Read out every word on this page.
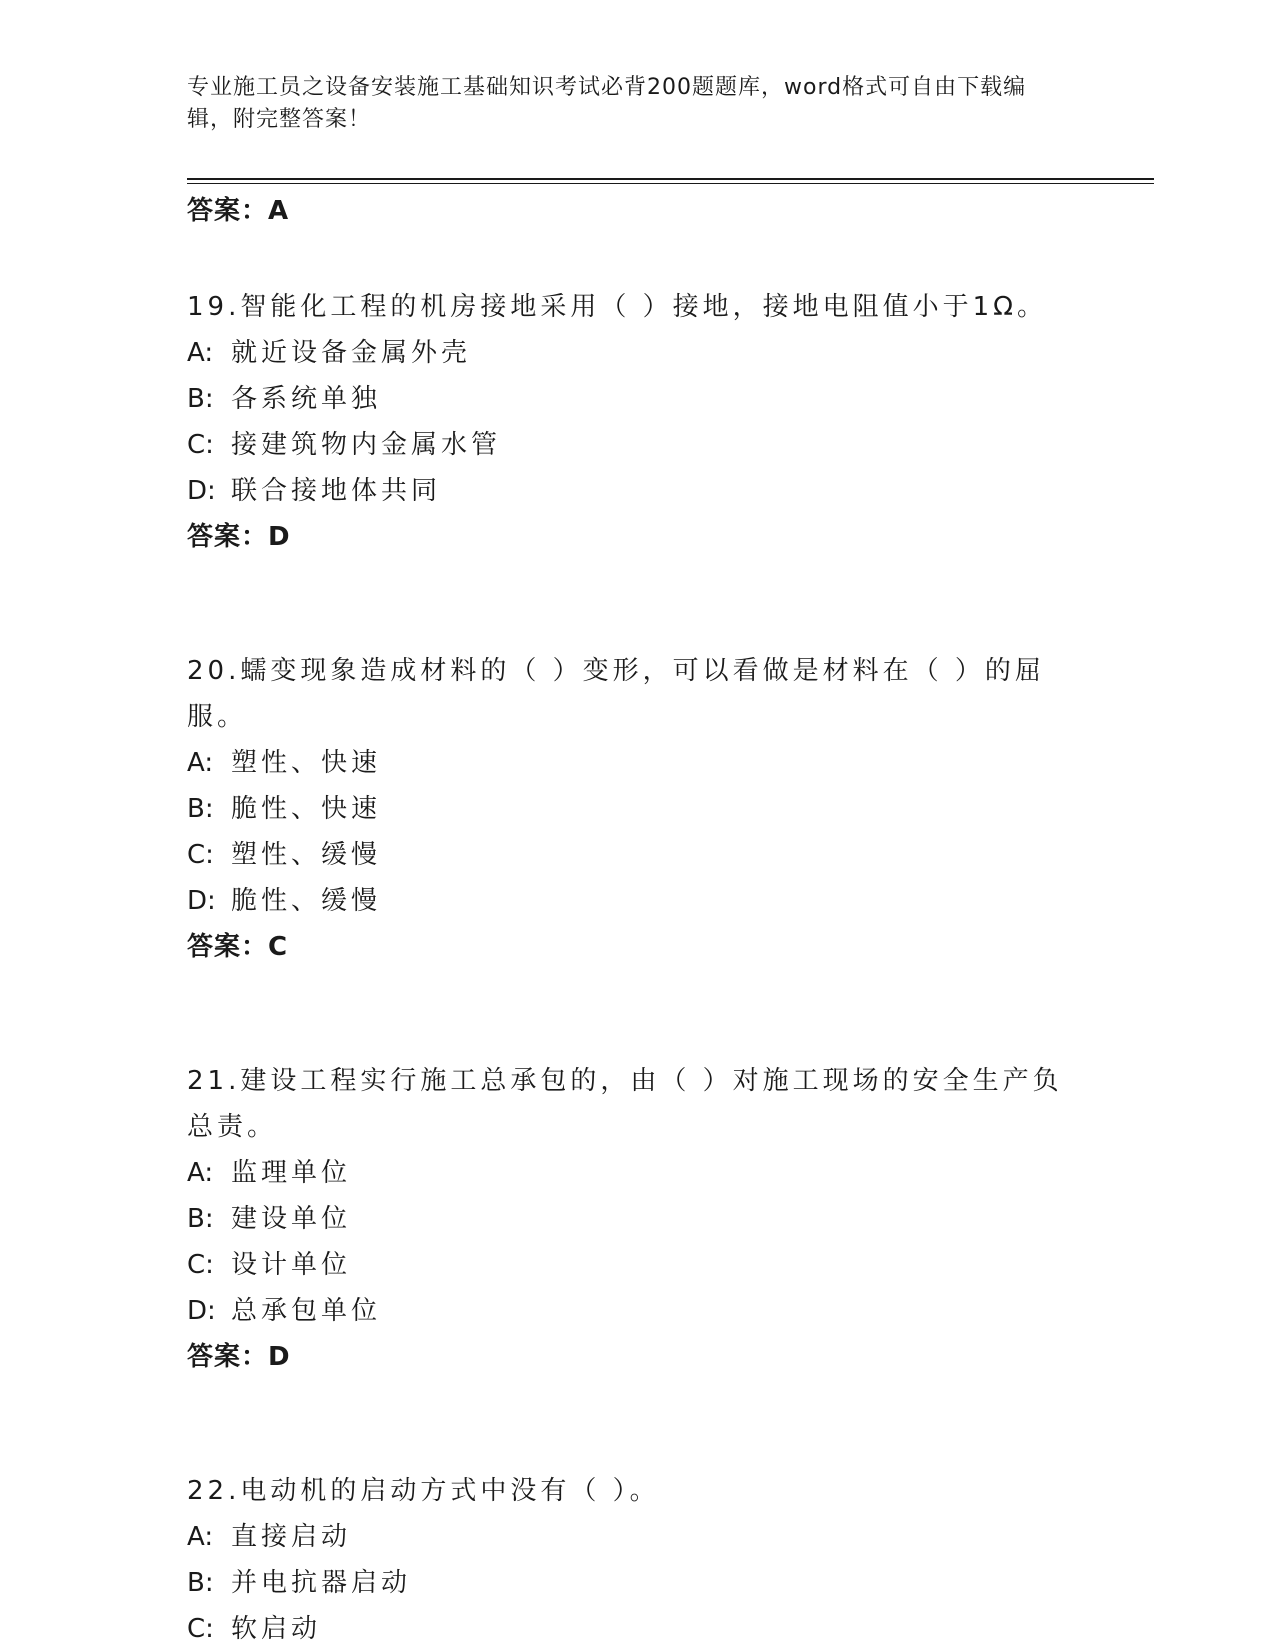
专业施工员之设备安装施工基础知识考试必背200题题库，word格式可自由下载编辑，附完整答案！
答案：A
19.智能化工程的机房接地采用（ ）接地，接地电阻值小于1Ω。
A: 就近设备金属外壳
B: 各系统单独
C: 接建筑物内金属水管
D: 联合接地体共同
答案：D
20.蠕变现象造成材料的（ ）变形，可以看做是材料在（ ）的屈服。
A: 塑性、快速
B: 脆性、快速
C: 塑性、缓慢
D: 脆性、缓慢
答案：C
21.建设工程实行施工总承包的，由（ ）对施工现场的安全生产负总责。
A: 监理单位
B: 建设单位
C: 设计单位
D: 总承包单位
答案：D
22.电动机的启动方式中没有（ ）。
A: 直接启动
B: 并电抗器启动
C: 软启动
